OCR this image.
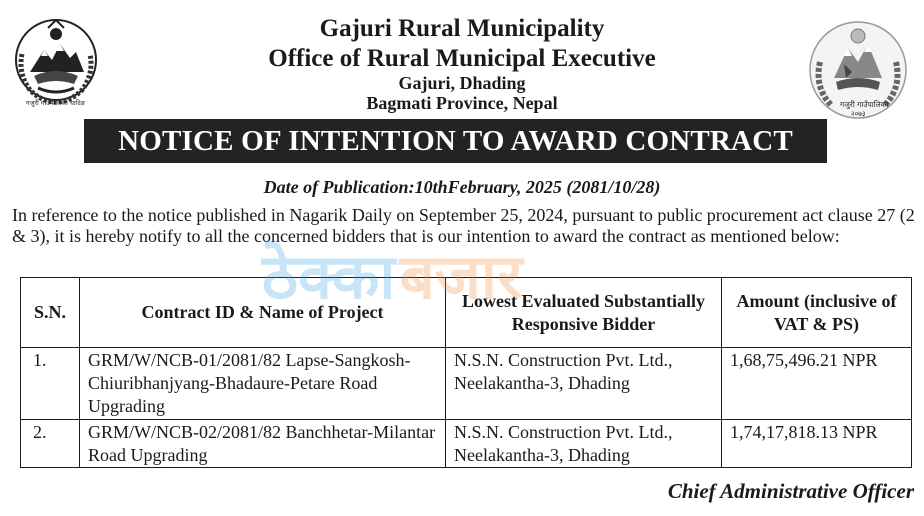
गजुरी गाउँपालिका धादिङ	गजुरी गाउँपालिका
२०७३
Gajuri Rural Municipality
Office of Rural Municipal Executive
Gajuri, Dhading
Bagmati Province, Nepal
NOTICE OF INTENTION TO AWARD CONTRACT
Date of Publication:10thFebruary, 2025 (2081/10/28)
In reference to the notice published in Nagarik Daily on September 25, 2024, pursuant to public procurement act clause 27 (2 & 3), it is hereby notify to all the concerned bidders that is our intention to award the contract as mentioned below:
S.N.	Contract ID & Name of Project	Lowest Evaluated Substantially Responsive Bidder	Amount (inclusive of VAT & PS)
1.	GRM/W/NCB-01/2081/82 Lapse-Sangkosh-Chiuribhanjyang-Bhadaure-Petare Road Upgrading	N.S.N. Construction Pvt. Ltd., Neelakantha-3, Dhading	1,68,75,496.21 NPR
2.	GRM/W/NCB-02/2081/82 Banchhetar-Milantar Road Upgrading	N.S.N. Construction Pvt. Ltd., Neelakantha-3, Dhading	1,74,17,818.13 NPR
ठेक्काबजार
Chief Administrative Officer
